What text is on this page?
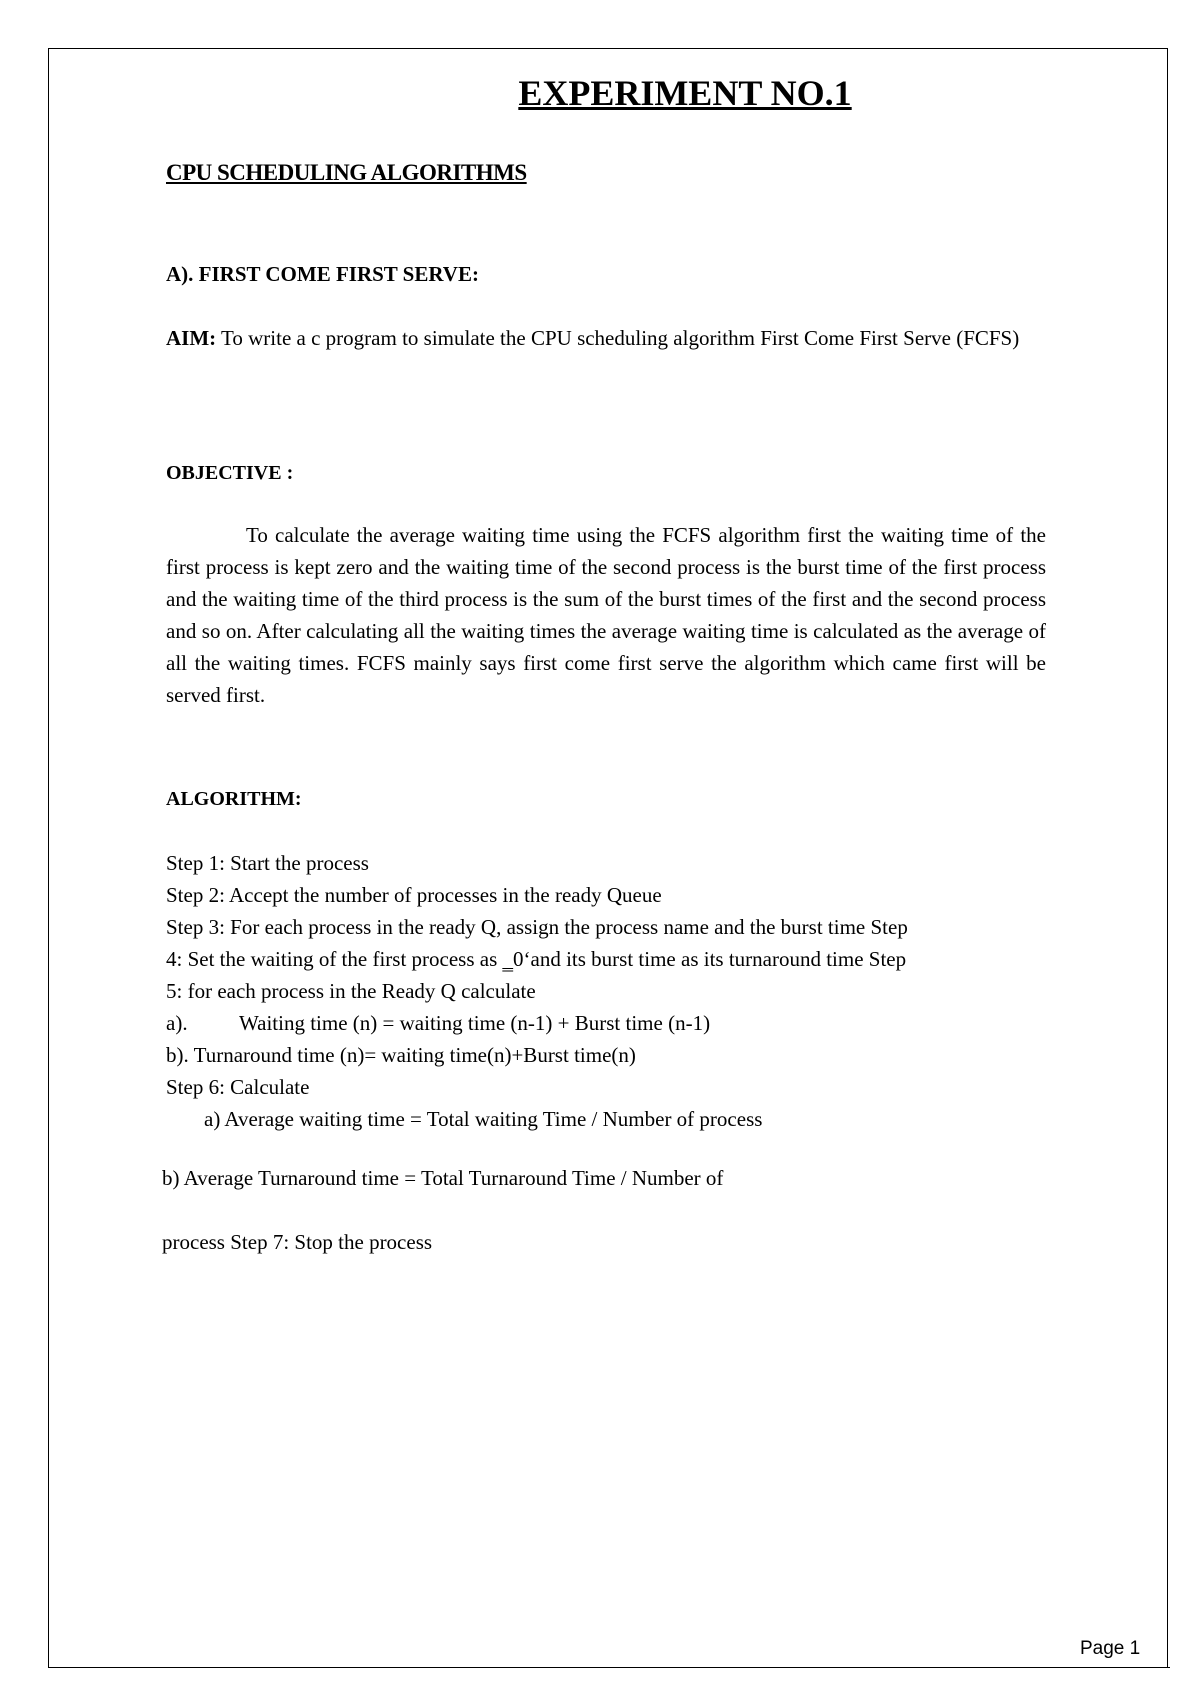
EXPERIMENT NO.1
CPU SCHEDULING ALGORITHMS
A). FIRST COME FIRST SERVE:
AIM: To write a c program to simulate the CPU scheduling algorithm First Come First Serve (FCFS)
OBJECTIVE :
To calculate the average waiting time using the FCFS algorithm first the waiting time of the first process is kept zero and the waiting time of the second process is the burst time of the first process and the waiting time of the third process is the sum of the burst times of the first and the second process and so on. After calculating all the waiting times the average waiting time is calculated as the average of all the waiting times. FCFS mainly says first come first serve the algorithm which came first will be served first.
ALGORITHM:
Step 1: Start the process
Step 2: Accept the number of processes in the ready Queue
Step 3: For each process in the ready Q, assign the process name and the burst time Step
4: Set the waiting of the first process as ‗0‘and its burst time as its turnaround time Step
5: for each process in the Ready Q calculate
a). Waiting time (n) = waiting time (n-1) + Burst time (n-1)
b). Turnaround time (n)= waiting time(n)+Burst time(n)
Step 6: Calculate
a) Average waiting time = Total waiting Time / Number of process
b) Average Turnaround time = Total Turnaround Time / Number of
process Step 7: Stop the process
Page 1
